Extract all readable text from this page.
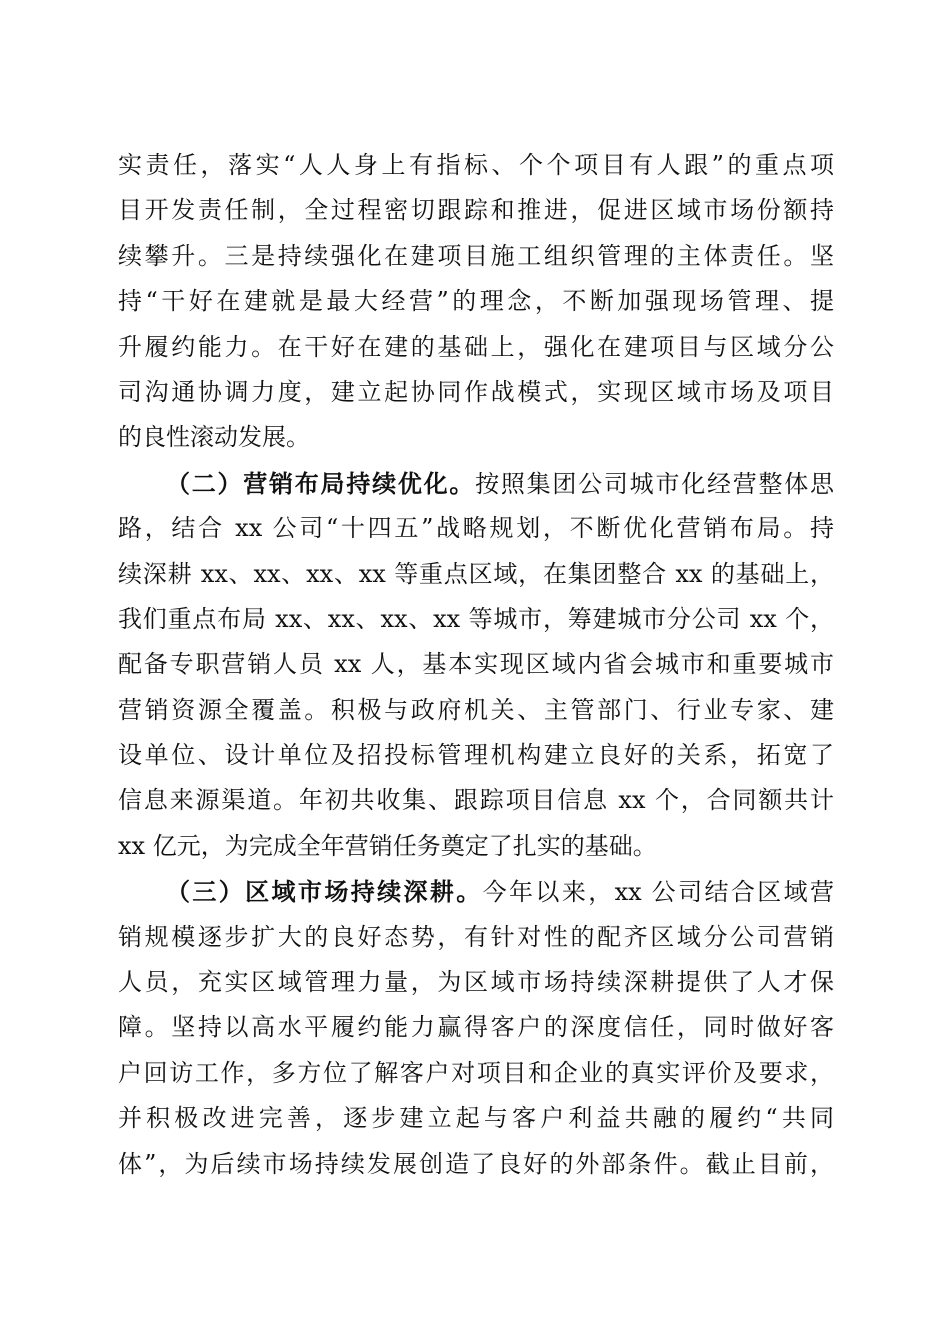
实责任，落实“人人身上有指标、个个项目有人跟”的重点项
目开发责任制，全过程密切跟踪和推进，促进区域市场份额持
续攀升。三是持续强化在建项目施工组织管理的主体责任。坚
持“干好在建就是最大经营”的理念，不断加强现场管理、提
升履约能力。在干好在建的基础上，强化在建项目与区域分公
司沟通协调力度，建立起协同作战模式，实现区域市场及项目
的良性滚动发展。
（二）营销布局持续优化。按照集团公司城市化经营整体思
路，结合 xx 公司“十四五”战略规划，不断优化营销布局。持
续深耕 xx、xx、xx、xx 等重点区域，在集团整合 xx 的基础上，
我们重点布局 xx、xx、xx、xx 等城市，筹建城市分公司 xx 个，
配备专职营销人员 xx 人，基本实现区域内省会城市和重要城市
营销资源全覆盖。积极与政府机关、主管部门、行业专家、建
设单位、设计单位及招投标管理机构建立良好的关系，拓宽了
信息来源渠道。年初共收集、跟踪项目信息 xx 个，合同额共计
xx 亿元，为完成全年营销任务奠定了扎实的基础。
（三）区域市场持续深耕。今年以来，xx 公司结合区域营
销规模逐步扩大的良好态势，有针对性的配齐区域分公司营销
人员，充实区域管理力量，为区域市场持续深耕提供了人才保
障。坚持以高水平履约能力赢得客户的深度信任，同时做好客
户回访工作，多方位了解客户对项目和企业的真实评价及要求，
并积极改进完善，逐步建立起与客户利益共融的履约“共同
体”，为后续市场持续发展创造了良好的外部条件。截止目前，
